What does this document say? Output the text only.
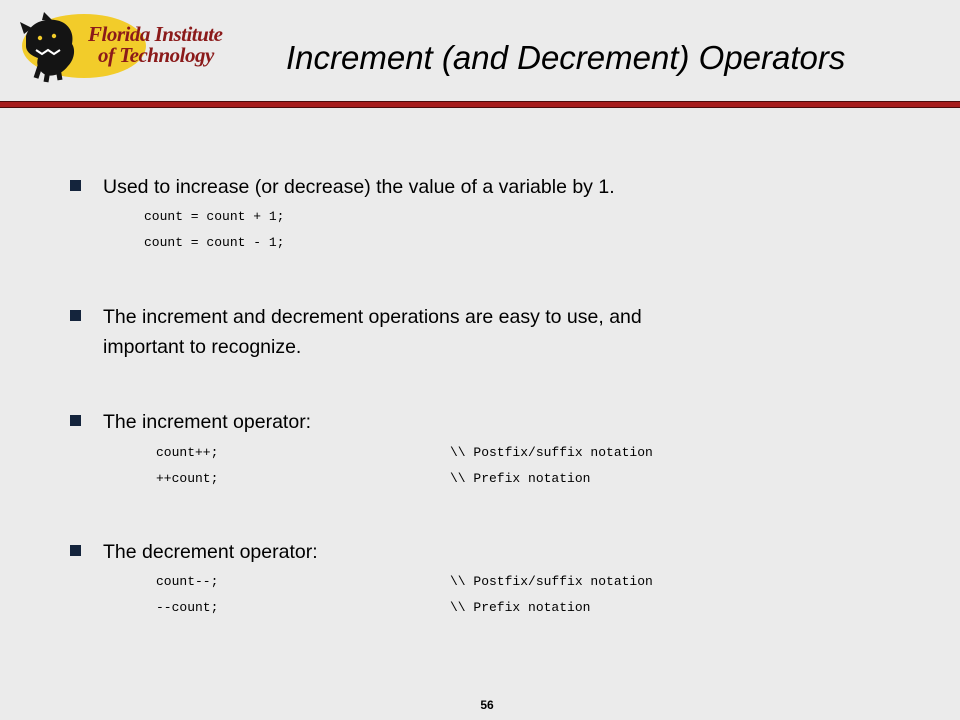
Florida Institute
of Technology	Increment (and Decrement) Operators
Used to increase (or decrease) the value of a variable by 1.
count = count + 1;
count = count - 1;
The increment and decrement operations are easy to use, and
important to recognize.
The increment operator:
count++;	\\ Postfix/suffix notation
++count;	\\ Prefix notation
The decrement operator:
count--;	\\ Postfix/suffix notation
--count;	\\ Prefix notation
56
